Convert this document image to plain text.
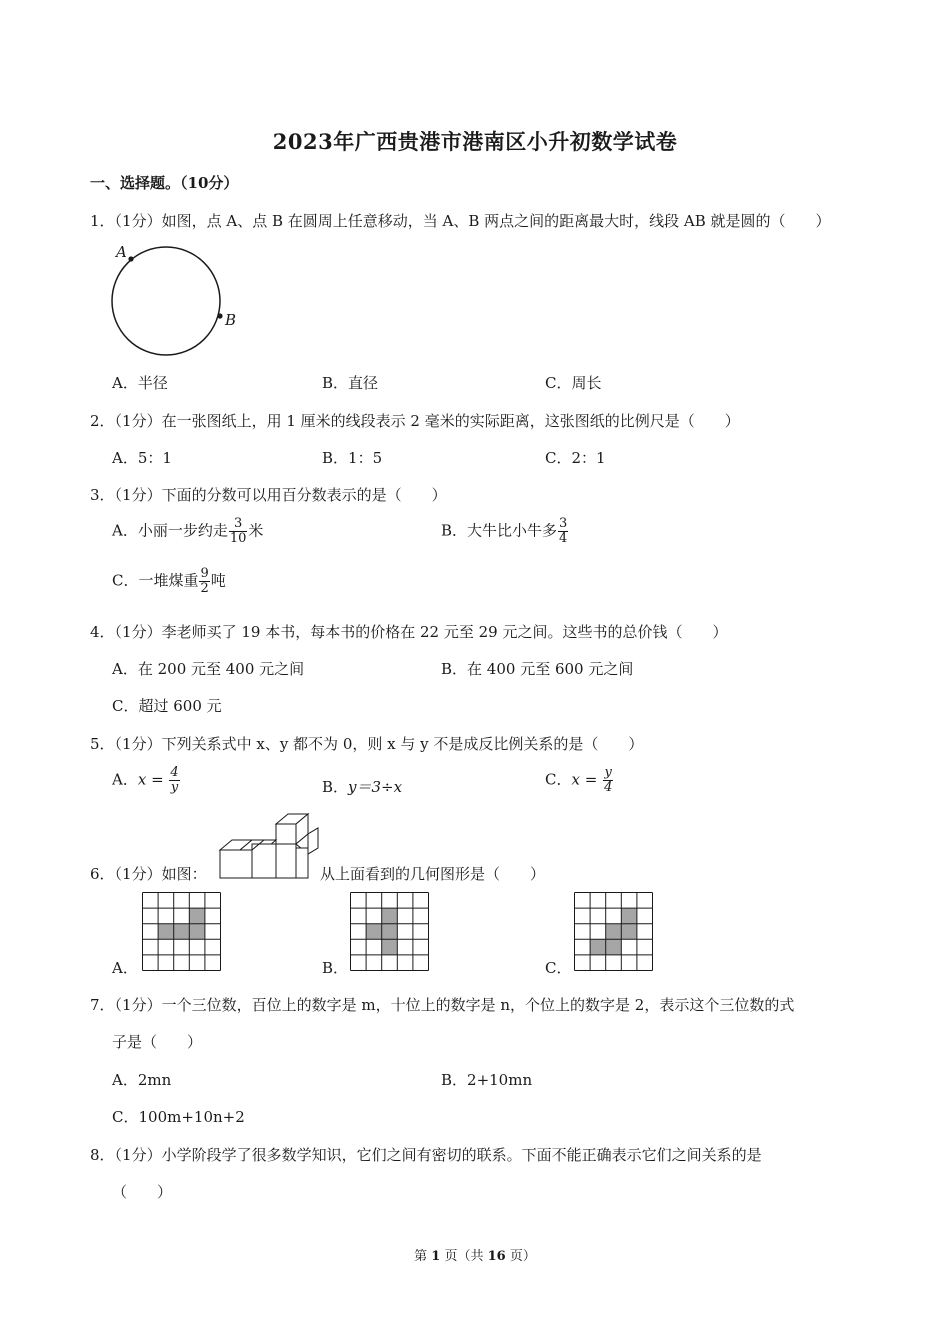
2023年广西贵港市港南区小升初数学试卷
一、选择题。（10分）
1．（1分）如图，点 A、点 B 在圆周上任意移动，当 A、B 两点之间的距离最大时，线段 AB 就是圆的（　　）
A
B
A．半径	B．直径	C．周长
2．（1分）在一张图纸上，用 1 厘米的线段表示 2 毫米的实际距离，这张图纸的比例尺是（　　）
A．5：1	B．1：5	C．2：1
3．（1分）下面的分数可以用百分数表示的是（　　）
A．小丽一步约走 $\frac{3}{10}$ 米	B．大牛比小牛多 $\frac{3}{4}$
C．一堆煤重 $\frac{9}{2}$ 吨
4．（1分）李老师买了 19 本书，每本书的价格在 22 元至 29 元之间。这些书的总价钱（　　）
A．在 200 元至 400 元之间	B．在 400 元至 600 元之间
C．超过 600 元
5．（1分）下列关系式中 x、y 都不为 0，则 x 与 y 不是成反比例关系的是（　　）
A．$x = \frac{4}{y}$	B．y＝3÷x	C．$x = \frac{y}{4}$
6．（1分）如图：	从上面看到的几何图形是（　　）
A．	B．	C．
7．（1分）一个三位数，百位上的数字是 m，十位上的数字是 n，个位上的数字是 2，表示这个三位数的式
子是（　　）
A．2mn	B．2+10mn
C．100m+10n+2
8．（1分）小学阶段学了很多数学知识，它们之间有密切的联系。下面不能正确表示它们之间关系的是
（　　）
第 1 页（共 16 页）
